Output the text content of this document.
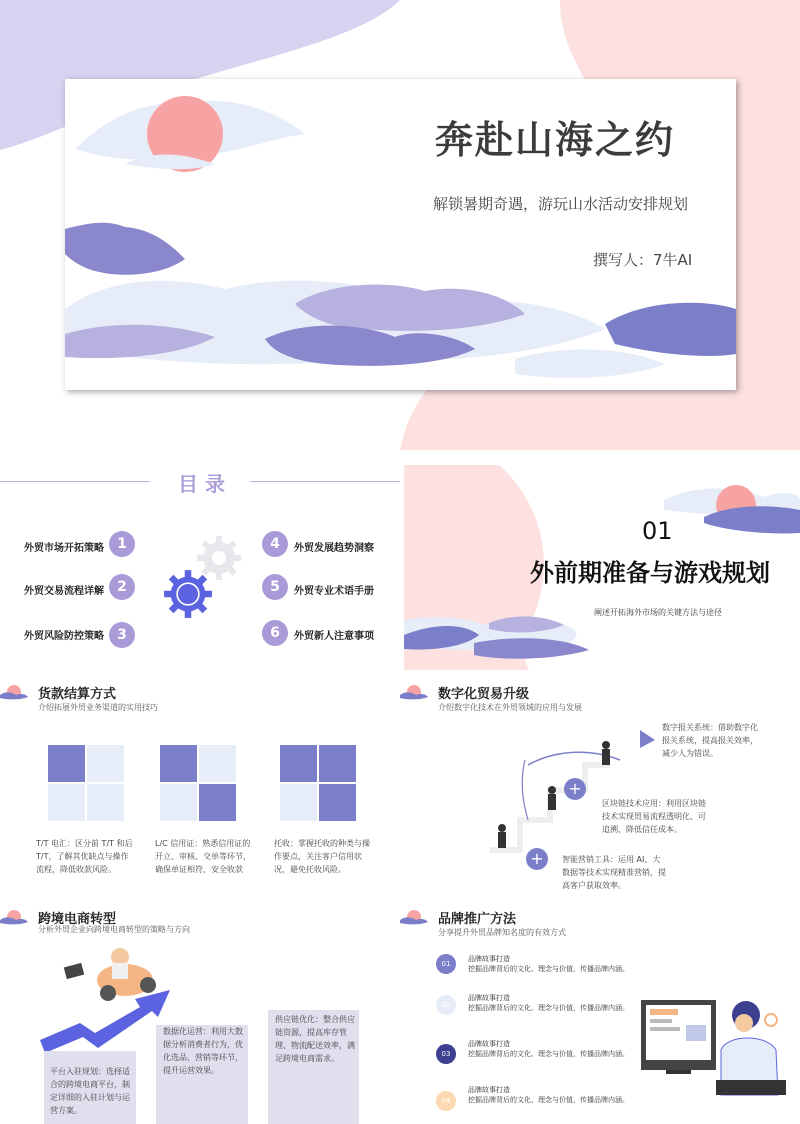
奔赴山海之约
解锁暑期奇遇，游玩山水活动安排规划
撰写人：7牛AI
目 录
外贸市场开拓策略 1
外贸交易流程详解 2
外贸风险防控策略 3
4	外贸发展趋势洞察
5	外贸专业术语手册
6	外贸新人注意事项
01
外前期准备与游戏规划
阐述开拓海外市场的关键方法与途径
货款结算方式
介绍拓展外贸业务渠道的实用技巧
T/T 电汇：区分前 T/T 和后 T/T，了解其优缺点与操作流程，降低收款风险。
L/C 信用证：熟悉信用证的开立、审核、交单等环节，确保单证相符，安全收款
托收：掌握托收的种类与操作要点，关注客户信用状况，避免托收风险。
数字化贸易升级
介绍数字化技术在外贸领域的应用与发展
+
+
数字报关系统：借助数字化报关系统，提高报关效率，减少人为错误。
区块链技术应用：利用区块链技术实现贸易流程透明化、可追溯，降低信任成本。
智能营销工具：运用 AI、大数据等技术实现精准营销，提高客户获取效率。
跨境电商转型
分析外贸企业向跨境电商转型的策略与方向
平台入驻规划：选择适合的跨境电商平台，制定详细的入驻计划与运营方案。
数据化运营：利用大数据分析消费者行为，优化选品、营销等环节，提升运营效果。
供应链优化：整合供应链资源，提高库存管理、物流配送效率，满足跨境电商需求。
品牌推广方法
分享提升外贸品牌知名度的有效方式
01
品牌故事打造
挖掘品牌背后的文化、理念与价值，传播品牌内涵。
02
品牌故事打造
挖掘品牌背后的文化、理念与价值，传播品牌内涵。
03
品牌故事打造
挖掘品牌背后的文化、理念与价值，传播品牌内涵。
04
品牌故事打造
挖掘品牌背后的文化、理念与价值，传播品牌内涵。
